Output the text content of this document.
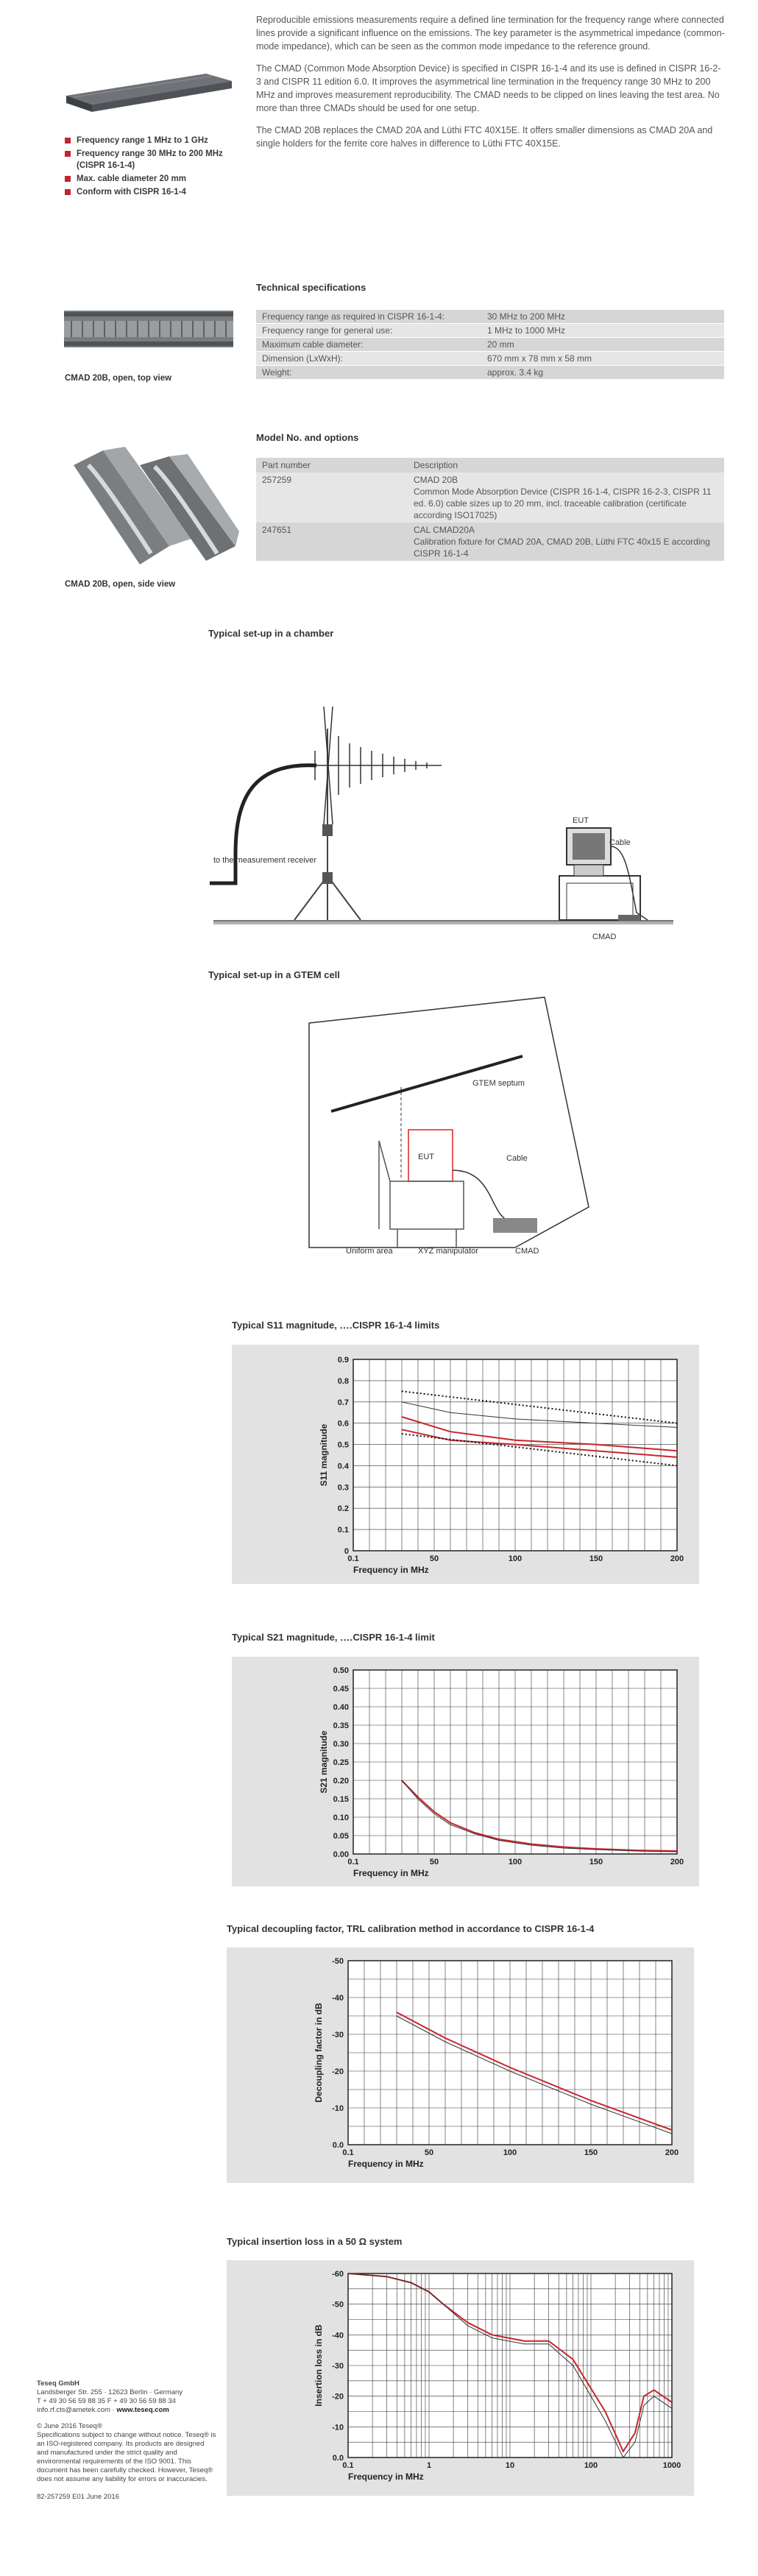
Frequency range 1 MHz to 1 GHz
Frequency range 30 MHz to 200 MHz (CISPR 16-1-4)
Max. cable diameter 20 mm
Conform with CISPR 16-1-4

Reproducible emissions measurements require a defined line termination for the frequency range where connected lines provide a significant influence on the emissions. The key parameter is the asymmetrical impedance (common-mode impedance), which can be seen as the common mode impedance to the reference ground.

The CMAD (Common Mode Absorption Device) is specified in CISPR 16-1-4 and its use is defined in CISPR 16-2-3 and CISPR 11 edition 6.0. It improves the asymmetrical line termination in the frequency range 30 MHz to 200 MHz and improves measurement reproducibility. The CMAD needs to be clipped on lines leaving the test area. No more than three CMADs should be used for one setup.

The CMAD 20B replaces the CMAD 20A and Lüthi FTC 40X15E. It offers smaller dimensions as CMAD 20A and single holders for the ferrite core halves in difference to Lüthi FTC 40X15E.

Technical specifications
Frequency range as required in CISPR 16-1-4:	30 MHz to 200 MHz
Frequency range for general use:	1 MHz to 1000 MHz
Maximum cable diameter:	20 mm
Dimension (LxWxH):	670 mm x 78 mm x 58 mm
Weight:	approx. 3.4 kg
CMAD 20B, open, top view
Model No. and options
Part number	Description
257259	CMAD 20B
Common Mode Absorption Device (CISPR 16-1-4, CISPR 16-2-3, CISPR 11 ed. 6.0) cable sizes up to 20 mm, incl. traceable calibration (certificate according ISO17025)

247651	CAL CMAD20A
Calibration fixture for CMAD 20A, CMAD 20B, Lüthi FTC 40x15 E according CISPR 16-1-4
CMAD 20B, open, side view
Typical set-up in a chamber
to the measurement receiver
EUT
Cable
CMAD
Typical set-up in a GTEM cell
GTEM septum
EUT	Cable
Uniform area	XYZ manipulator	CMAD
Typical S11 magnitude, ․․․․CISPR 16-1-4 limits
0
0.1
0.2
0.3
0.4
0.5
0.6
0.7
0.8
0.9
0.1	50	100	150	200
Frequency in MHz
S11 magnitude
Typical S21 magnitude, ․․․․CISPR 16-1-4 limit
0.00
0.05
0.10
0.15
0.20
0.25
0.30
0.35
0.40
0.45
0.50
0.1	50	100	150	200
Frequency in MHz
S21 magnitude
Typical decoupling factor, TRL calibration method in accordance to CISPR 16-1-4
0.0
-10
-20
-30
-40
-50
0.1	50	100	150	200
Frequency in MHz
Decoupling factor in dB
Typical insertion loss in a 50 Ω system
0.0
-10
-20
-30
-40
-50
-60
0.1	1	10	100	1000
Frequency in MHz
Insertion loss in dB
Teseq GmbH
Landsberger Str. 255 · 12623 Berlin · Germany
T + 49 30 56 59 88 35 F + 49 30 56 59 88 34
info.rf.cts@ametek.com · www.teseq.com
© June 2016 Teseq®
Specifications subject to change without notice. Teseq® is an ISO-registered company. Its products are designed and manufactured under the strict quality and environmental requirements of the ISO 9001. This document has been carefully checked. However, Teseq® does not assume any liability for errors or inaccuracies.
82-257259 E01 June 2016
